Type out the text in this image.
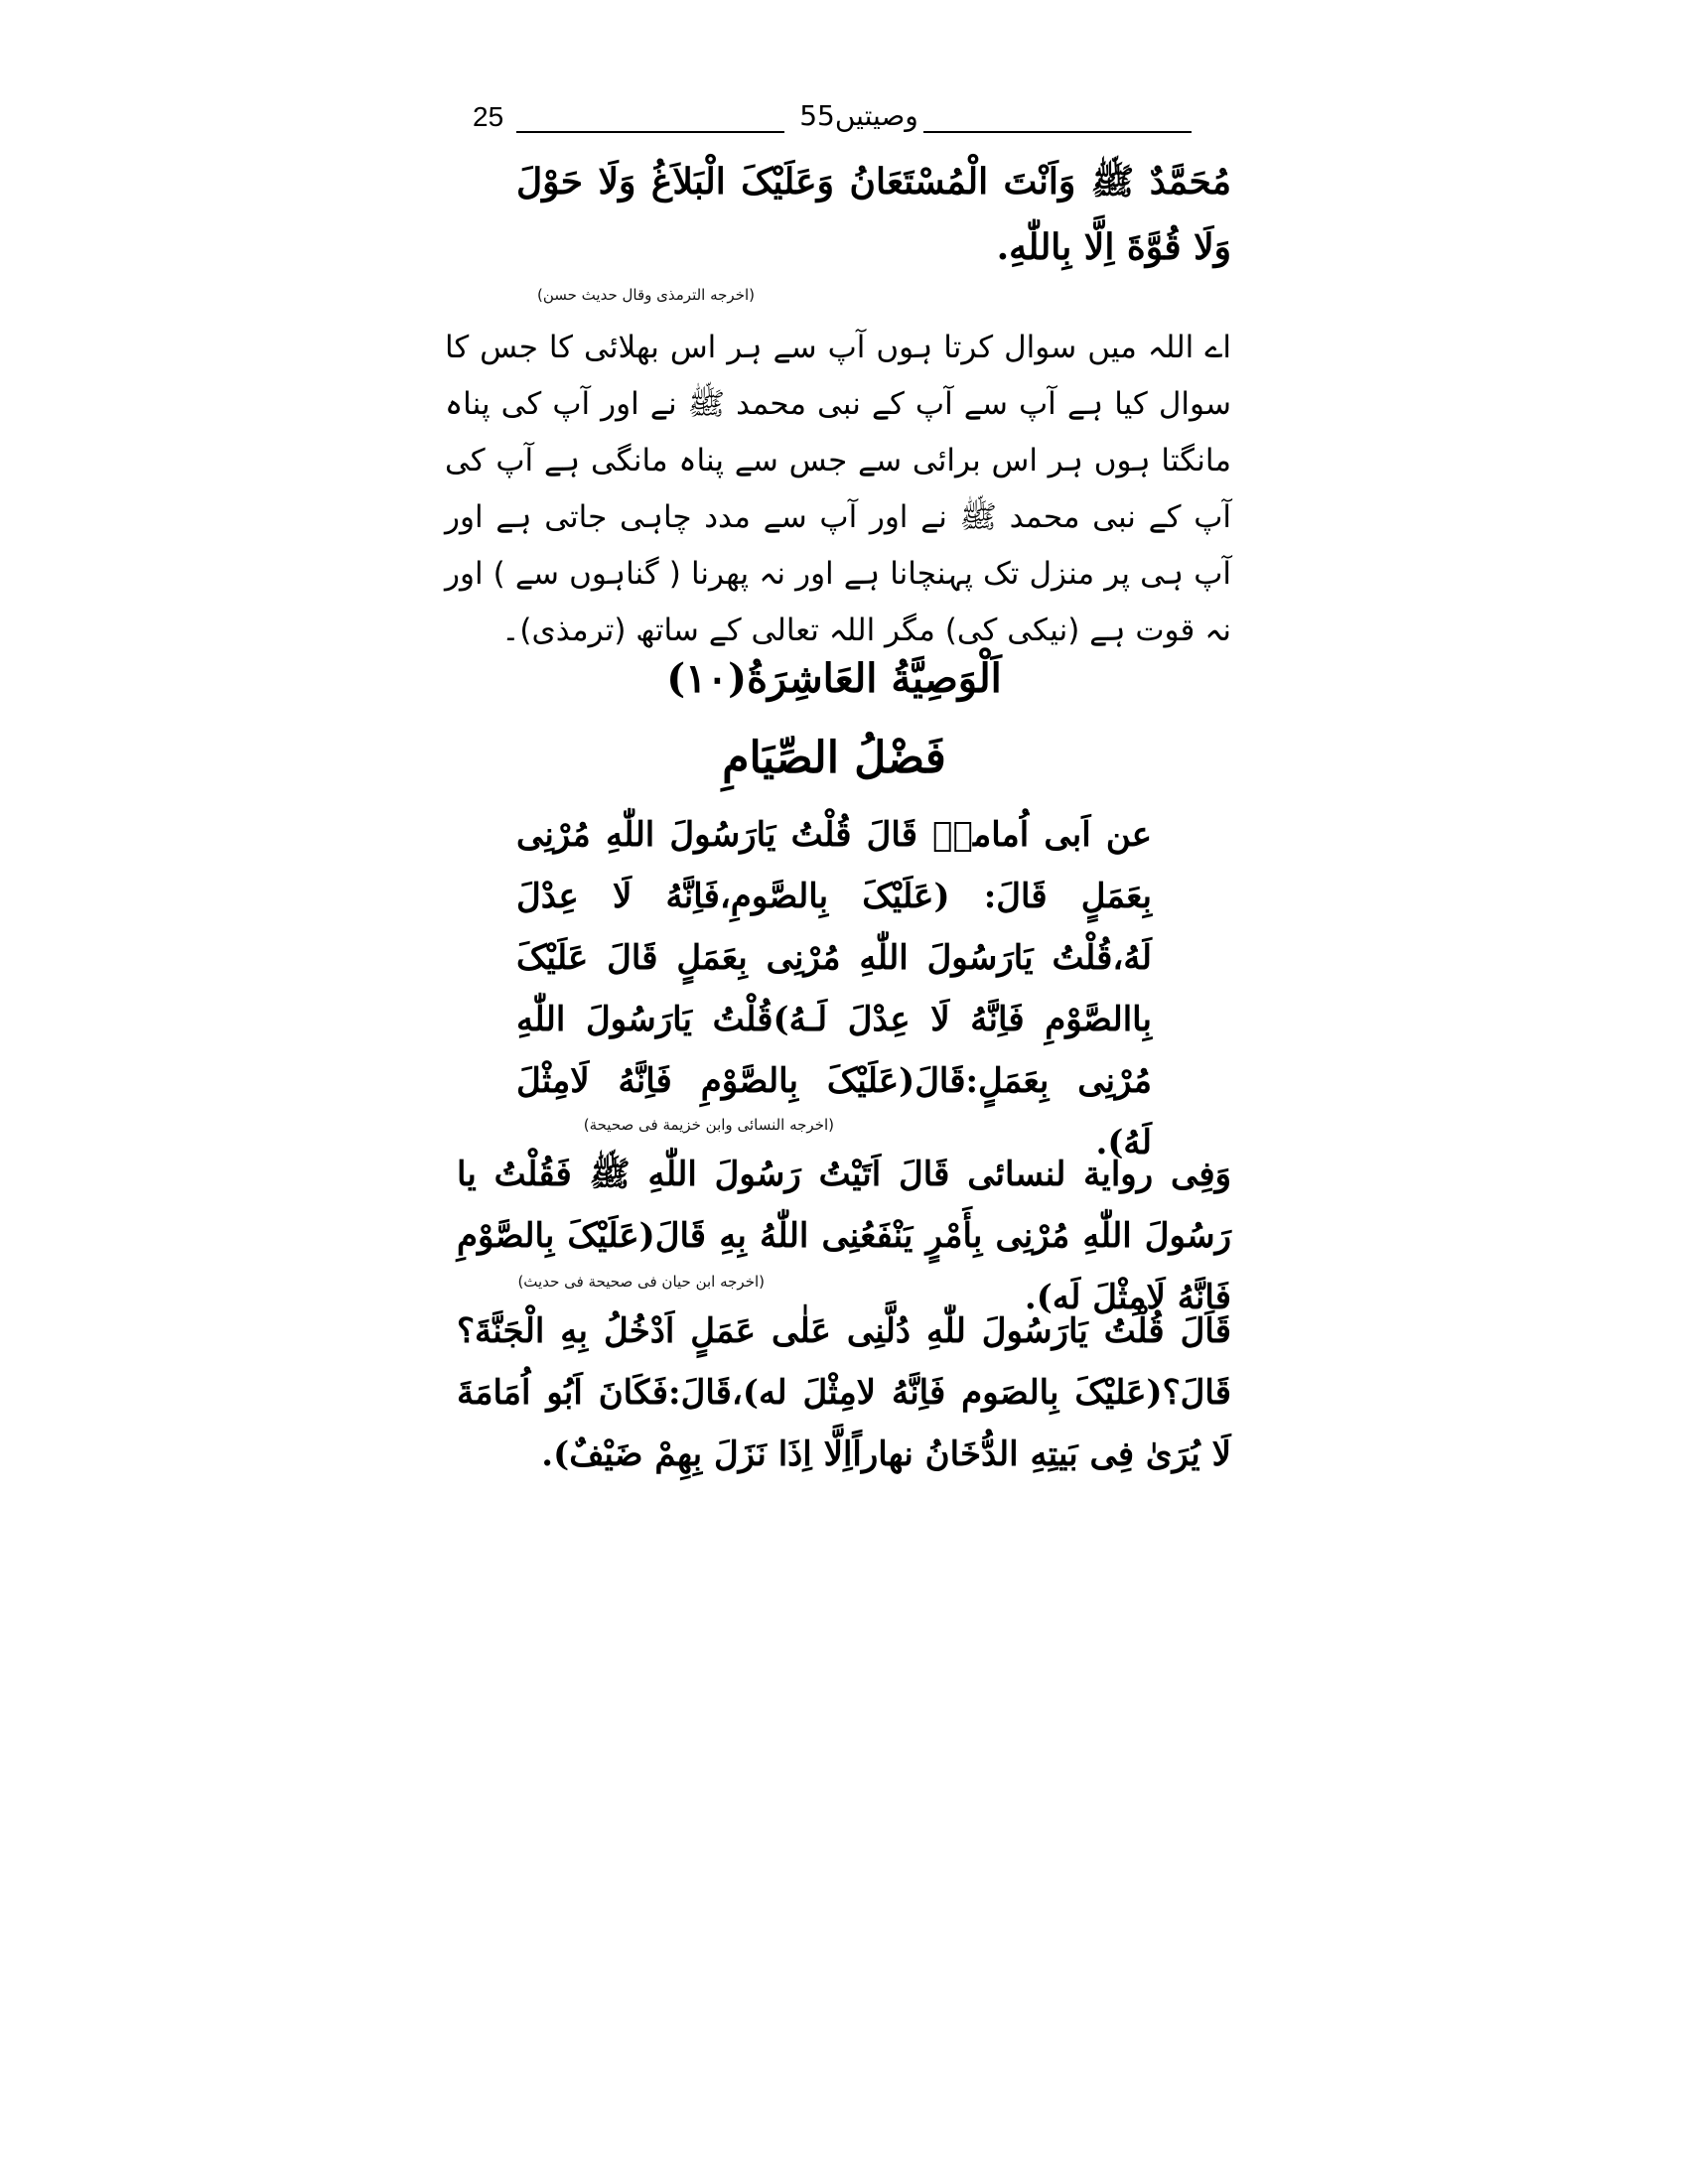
25	55وصیتیں
مُحَمَّدٌ ﷺ وَاَنْتَ الْمُسْتَعَانُ وَعَلَیْکَ الْبَلاَغُ وَلَا حَوْلَ وَلَا قُوَّةَ اِلَّا بِاللّٰهِ.
(اخرجه الترمذی وقال حدیث حسن)
اے اللہ میں سوال کرتا ہوں آپ سے ہر اس بھلائی کا جس کا سوال کیا ہے آپ سے آپ کے نبی محمد ﷺ نے اور آپ کی پناہ مانگتا ہوں ہر اس برائی سے جس سے پناہ مانگی ہے آپ کی آپ کے نبی محمد ﷺ نے اور آپ سے مدد چاہی جاتی ہے اور آپ ہی پر منزل تک پہنچانا ہے اور نہ پھرنا ( گناہوں سے ) اور نہ قوت ہے (نیکی کی) مگر اللہ تعالی کے ساتھ (ترمذی)۔
اَلْوَصِیَّةُ العَاشِرَةُ(١٠)
فَضْلُ الصِّیَامِ
عن اَبی اُمامةؓ قَالَ قُلْتُ یَارَسُولَ اللّٰهِ مُرْنِی بِعَمَلٍ قَالَ: (عَلَیْکَ بِالصَّومِ،فَاِنَّهُ لَا عِدْلَ لَهُ،قُلْتُ یَارَسُولَ اللّٰهِ مُرْنِی بِعَمَلٍ قَالَ عَلَیْکَ بِاالصَّوْمِ فَاِنَّهُ لَا عِدْلَ لَـهُ)قُلْتُ یَارَسُولَ اللّٰهِ مُرْنِی بِعَمَلٍ:قَالَ(عَلَیْکَ بِالصَّوْمِ فَاِنَّهُ لَامِثْلَ لَهُ).
(اخرجه النسائی وابن خزیمة فی صحیحة)
وَفِی روایة لنسائی قَالَ اَتَیْتُ رَسُولَ اللّٰهِ ﷺ فَقُلْتُ یا رَسُولَ اللّٰهِ مُرْنِی بِأَمْرٍ یَنْفَعُنِی اللّٰهُ بِهِ قَالَ(عَلَیْکَ بِالصَّوْمِ فَاِنَّهُ لَامِثْلَ لَه).
(اخرجه ابن حیان فی صحیحة فی حدیث)
قَالَ قُلْتُ یَارَسُولَ للّٰهِ دُلَّنِی عَلٰی عَمَلٍ اَدْخُلُ بِهِ الْجَنَّةَ؟قَالَ؟(عَلیْکَ بِالصَوم فَاِنَّهُ لامِثْلَ له)،قَالَ:فَکَانَ اَبُو اُمَامَةَ لَا یُرَیٰ فِی بَیتِهِ الدُّخَانُ نهاراًاِلَّا اِذَا نَزَلَ بِهِمْ ضَیْفٌ).
